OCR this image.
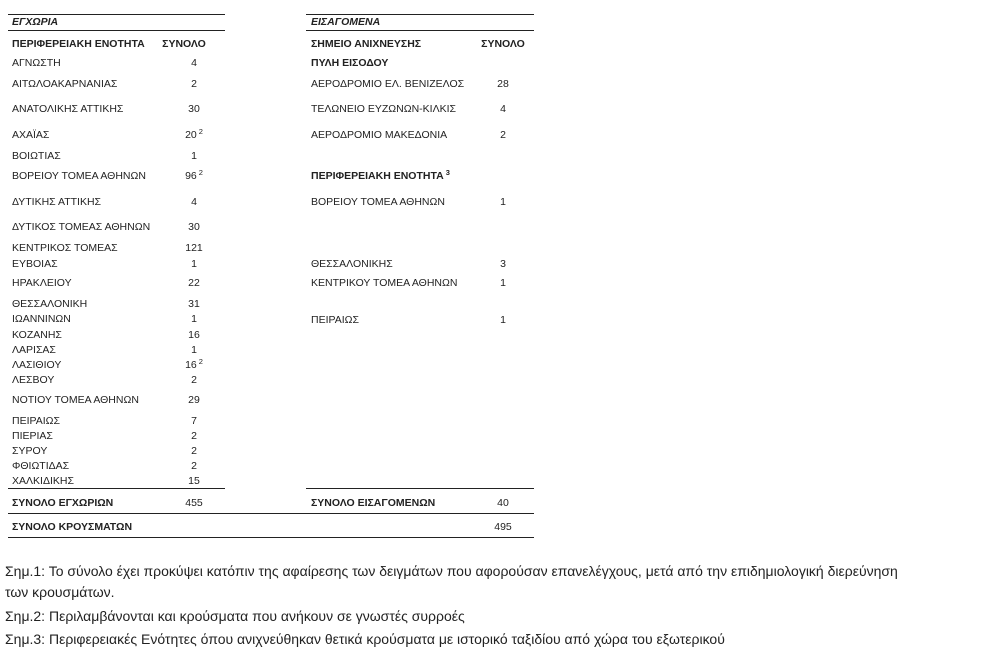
ΕΓΧΩΡΙΑ	ΕΙΣΑΓΟΜΕΝΑ
ΠΕΡΙΦΕΡΕΙΑΚΗ ΕΝΟΤΗΤΑ	ΣΥΝΟΛΟ	ΣΗΜΕΙΟ ΑΝΙΧΝΕΥΣΗΣ	ΣΥΝΟΛΟ
ΑΓΝΩΣΤΗ	4
ΑΙΤΩΛΟΑΚΑΡΝΑΝΙΑΣ	2
ΑΝΑΤΟΛΙΚΗΣ ΑΤΤΙΚΗΣ	30
ΑΧΑΪΑΣ	20 $^2$
ΒΟΙΩΤΙΑΣ	1
ΒΟΡΕΙΟΥ ΤΟΜΕΑ ΑΘΗΝΩΝ	96 $^2$
ΔΥΤΙΚΗΣ ΑΤΤΙΚΗΣ	4
ΔΥΤΙΚΟΣ ΤΟΜΕΑΣ ΑΘΗΝΩΝ	30
ΚΕΝΤΡΙΚΟΣ ΤΟΜΕΑΣ	121
ΕΥΒΟΙΑΣ	1
ΗΡΑΚΛΕΙΟΥ	22
ΘΕΣΣΑΛΟΝΙΚΗ	31
ΙΩΑΝΝΙΝΩΝ	1
ΚΟΖΑΝΗΣ	16
ΛΑΡΙΣΑΣ	1
ΛΑΣΙΘΙΟΥ	16 $^2$
ΛΕΣΒΟΥ	2
ΝΟΤΙΟΥ ΤΟΜΕΑ ΑΘΗΝΩΝ	29
ΠΕΙΡΑΙΩΣ	7
ΠΙΕΡΙΑΣ	2
ΣΥΡΟΥ	2
ΦΘΙΩΤΙΔΑΣ	2
ΧΑΛΚΙΔΙΚΗΣ	15
ΠΥΛΗ ΕΙΣΟΔΟΥ
ΑΕΡΟΔΡΟΜΙΟ ΕΛ. ΒΕΝΙΖΕΛΟΣ	28
ΤΕΛΩΝΕΙΟ ΕΥΖΩΝΩΝ-ΚΙΛΚΙΣ	4
ΑΕΡΟΔΡΟΜΙΟ ΜΑΚΕΔΟΝΙΑ	2
ΠΕΡΙΦΕΡΕΙΑΚΗ ΕΝΟΤΗΤΑ $^3$
ΒΟΡΕΙΟΥ ΤΟΜΕΑ ΑΘΗΝΩΝ	1
ΘΕΣΣΑΛΟΝΙΚΗΣ	3
ΚΕΝΤΡΙΚΟΥ ΤΟΜΕΑ ΑΘΗΝΩΝ	1
ΠΕΙΡΑΙΩΣ	1
ΣΥΝΟΛΟ ΕΓΧΩΡΙΩΝ	455	ΣΥΝΟΛΟ ΕΙΣΑΓΟΜΕΝΩΝ	40
ΣΥΝΟΛΟ ΚΡΟΥΣΜΑΤΩΝ	495
Σημ.1: Το σύνολο έχει προκύψει κατόπιν της αφαίρεσης των δειγμάτων που αφορούσαν επανελέγχους, μετά από την επιδημιολογική διερεύνηση
των κρουσμάτων.
Σημ.2: Περιλαμβάνονται και κρούσματα που ανήκουν σε γνωστές συρροές
Σημ.3: Περιφερειακές Ενότητες όπου ανιχνεύθηκαν θετικά κρούσματα με ιστορικό ταξιδίου από χώρα του εξωτερικού
